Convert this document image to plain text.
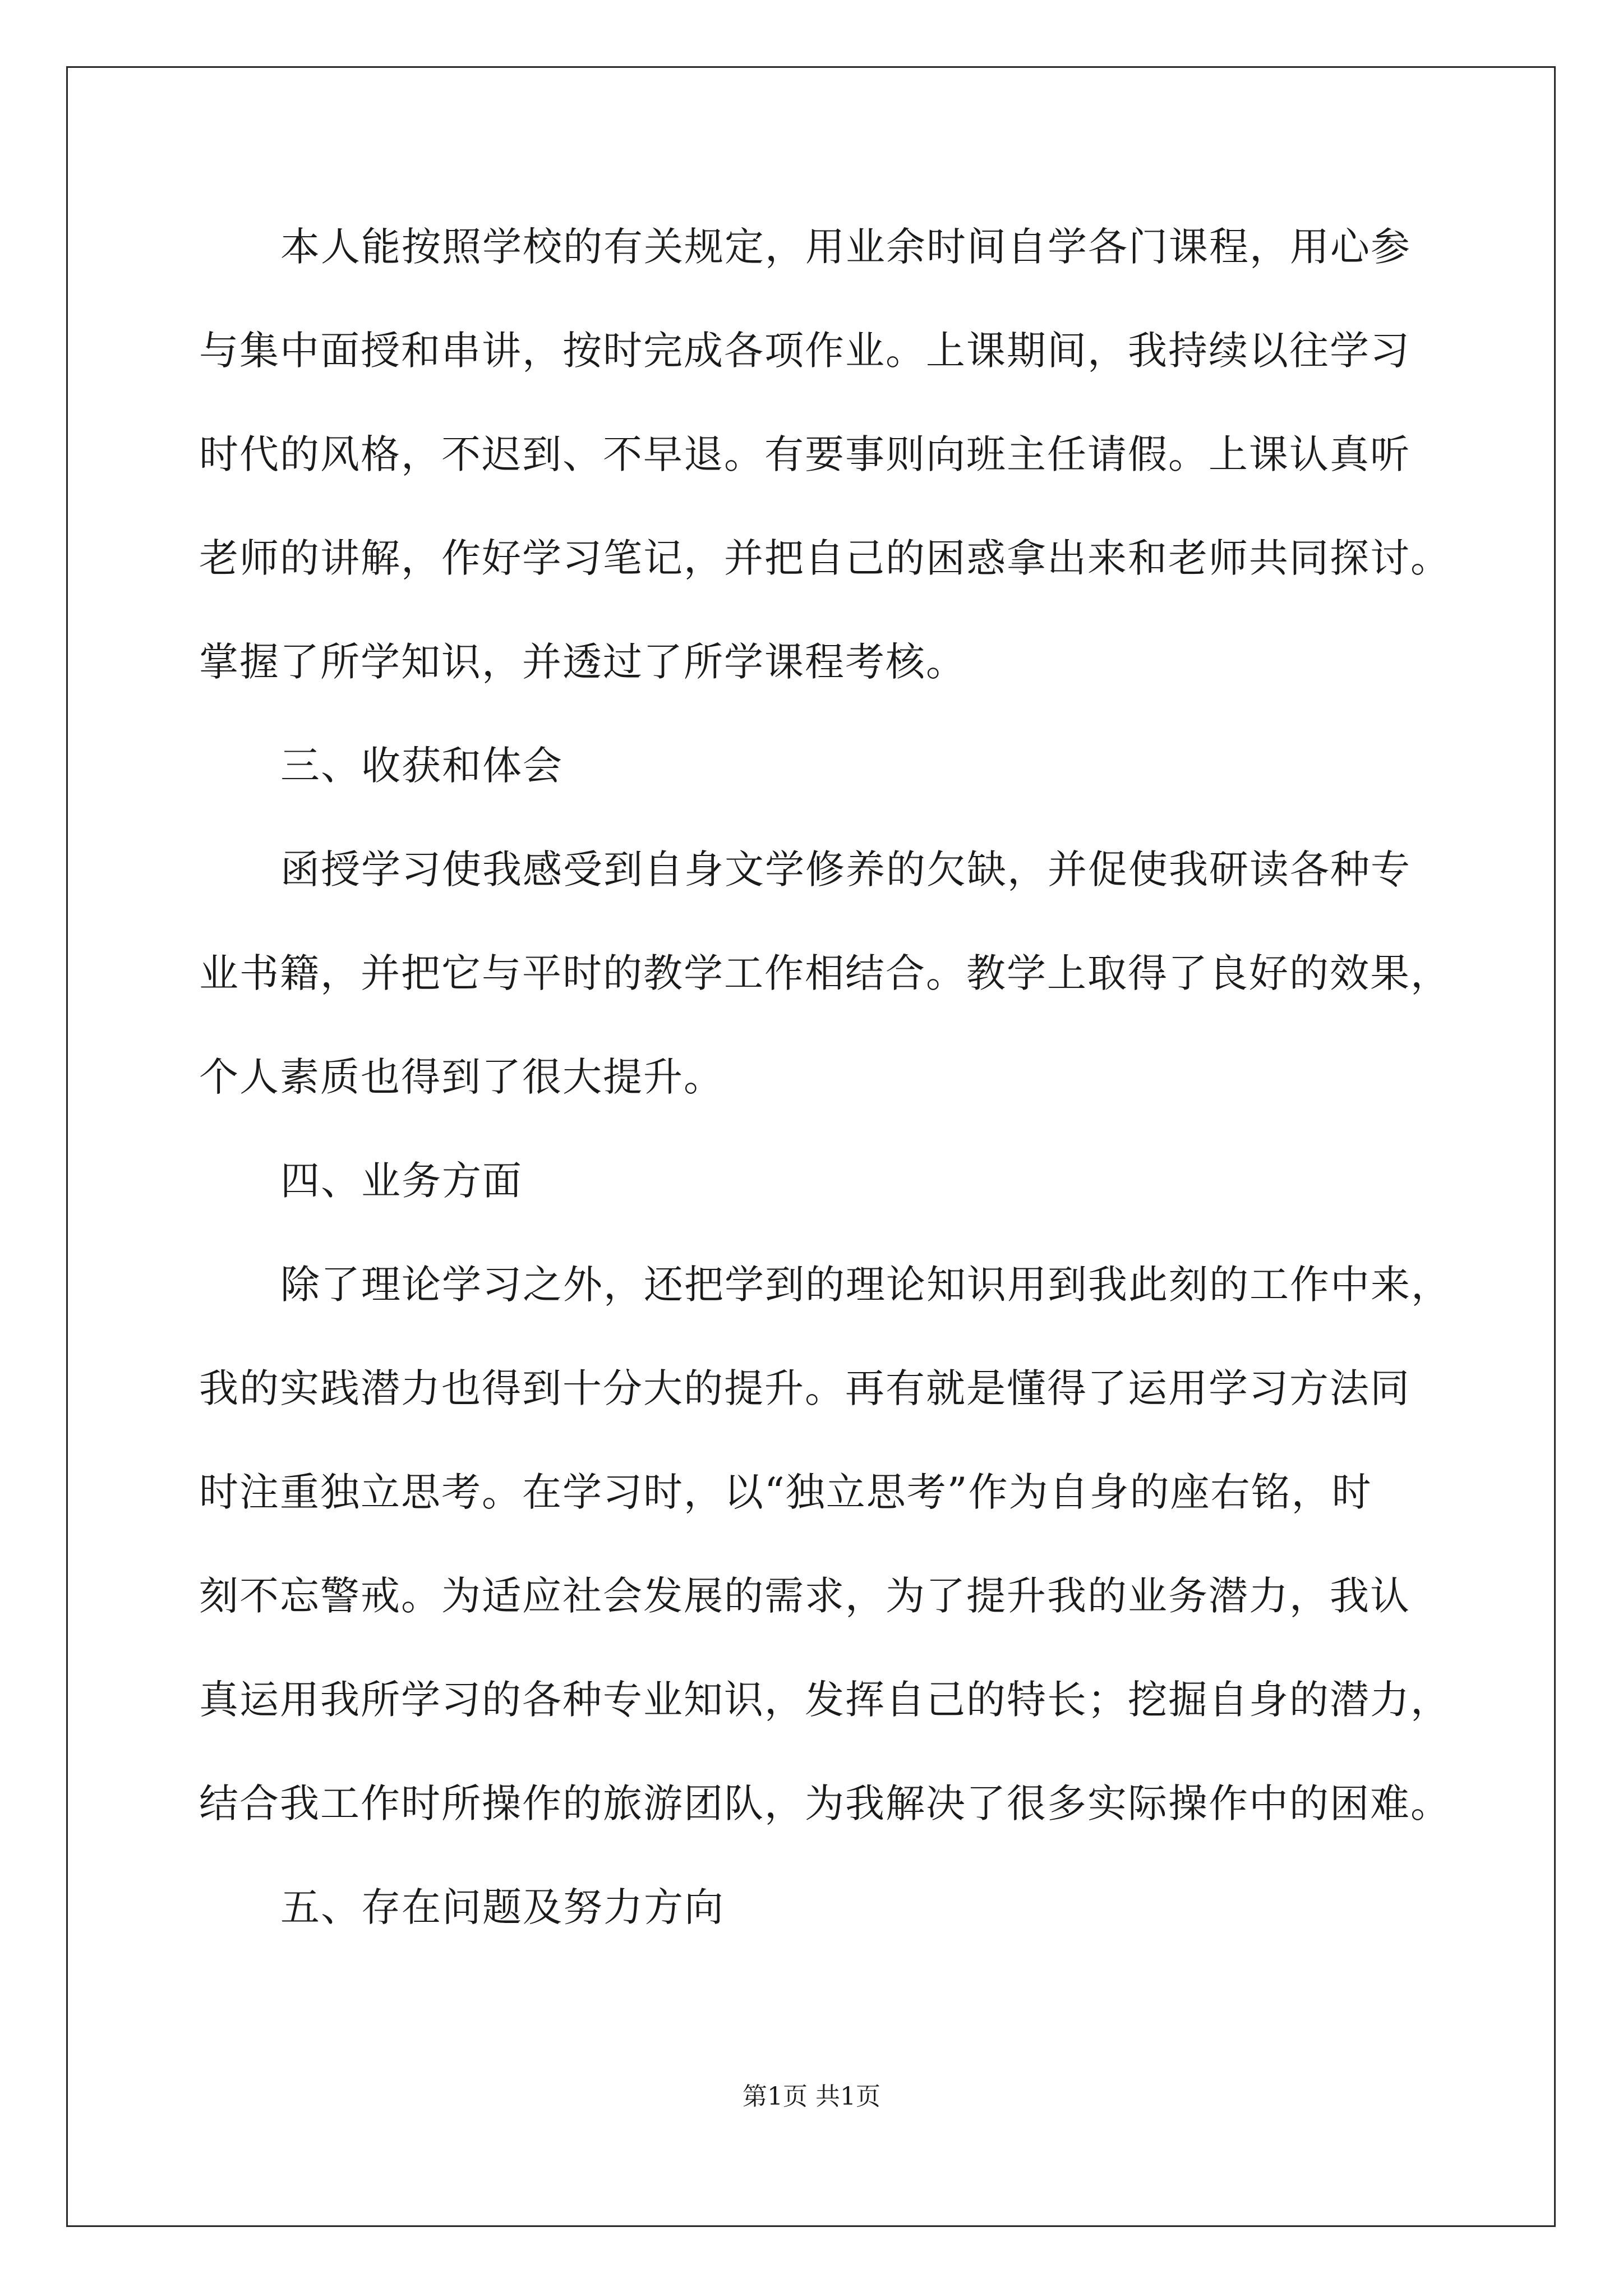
本人能按照学校的有关规定，用业余时间自学各门课程，用心参
与集中面授和串讲，按时完成各项作业。上课期间，我持续以往学习
时代的风格，不迟到、不早退。有要事则向班主任请假。上课认真听
老师的讲解，作好学习笔记，并把自己的困惑拿出来和老师共同探讨。
掌握了所学知识，并透过了所学课程考核。
三、收获和体会
函授学习使我感受到自身文学修养的欠缺，并促使我研读各种专
业书籍，并把它与平时的教学工作相结合。教学上取得了良好的效果，
个人素质也得到了很大提升。
四、业务方面
除了理论学习之外，还把学到的理论知识用到我此刻的工作中来，
我的实践潜力也得到十分大的提升。再有就是懂得了运用学习方法同
时注重独立思考。在学习时，以“独立思考”作为自身的座右铭，时
刻不忘警戒。为适应社会发展的需求，为了提升我的业务潜力，我认
真运用我所学习的各种专业知识，发挥自己的特长；挖掘自身的潜力，
结合我工作时所操作的旅游团队，为我解决了很多实际操作中的困难。
五、存在问题及努力方向
第1页 共1页
